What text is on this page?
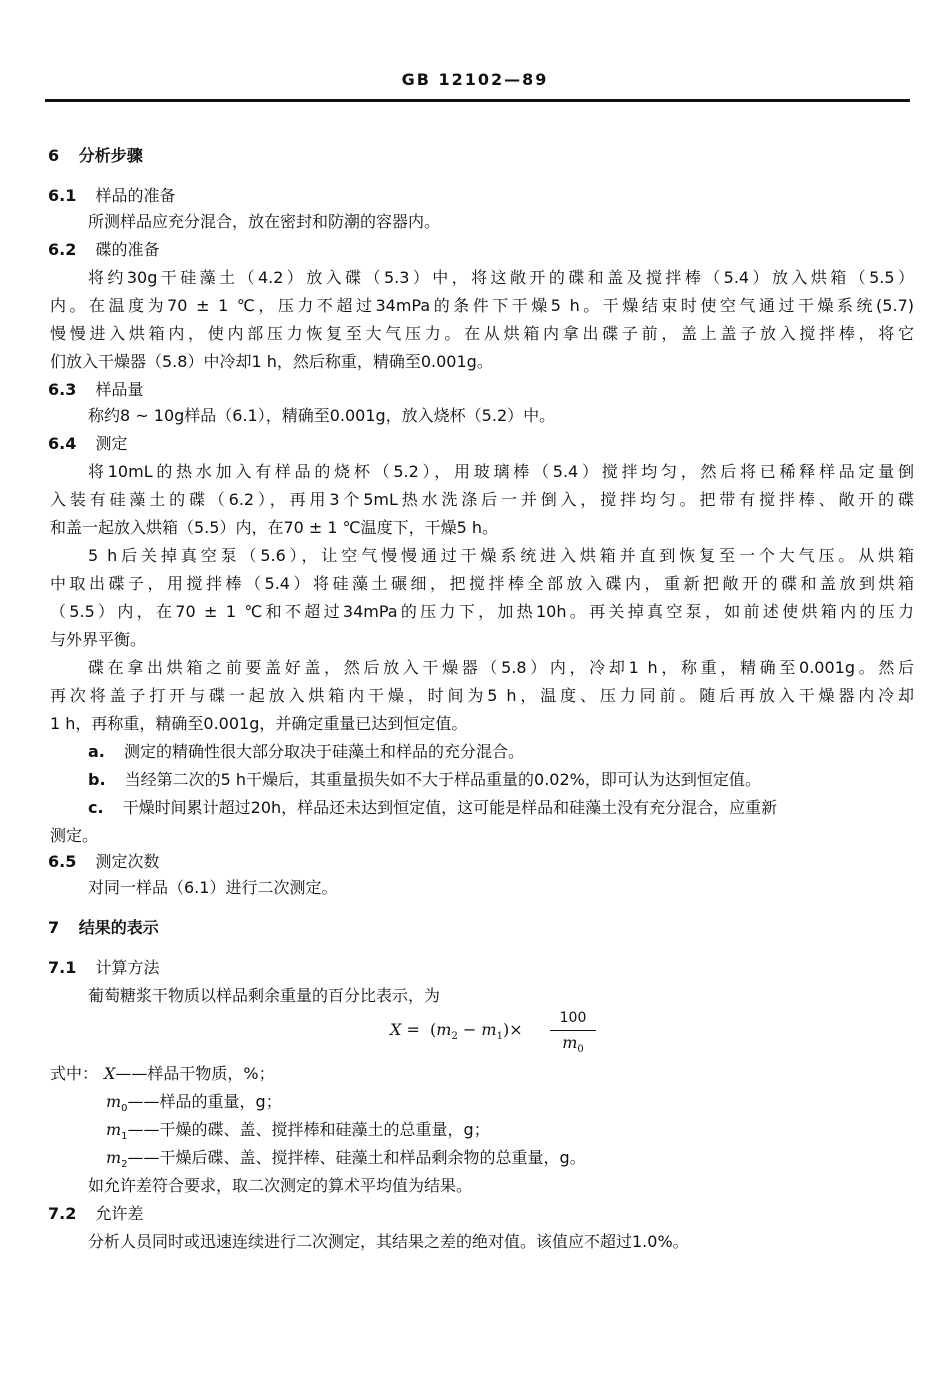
GB 12102—89
6 分析步骤
6.1 样品的准备
所测样品应充分混合，放在密封和防潮的容器内。
6.2 碟的准备
将约30g干硅藻土（4.2）放入碟（5.3）中，将这敞开的碟和盖及搅拌棒（5.4）放入烘箱（5.5）
内。在温度为70 ± 1 ℃，压力不超过34mPa的条件下干燥5 h。干燥结束时使空气通过干燥系统(5.7)
慢慢进入烘箱内，使内部压力恢复至大气压力。在从烘箱内拿出碟子前，盖上盖子放入搅拌棒，将它
们放入干燥器（5.8）中冷却1 h，然后称重，精确至0.001g。
6.3 样品量
称约8 ~ 10g样品（6.1），精确至0.001g，放入烧杯（5.2）中。
6.4 测定
将10mL的热水加入有样品的烧杯（5.2），用玻璃棒（5.4）搅拌均匀，然后将已稀释样品定量倒
入装有硅藻土的碟（6.2），再用3个5mL热水洗涤后一并倒入，搅拌均匀。把带有搅拌棒、敞开的碟
和盖一起放入烘箱（5.5）内，在70 ± 1 ℃温度下，干燥5 h。
5 h后关掉真空泵（5.6），让空气慢慢通过干燥系统进入烘箱并直到恢复至一个大气压。从烘箱
中取出碟子，用搅拌棒（5.4）将硅藻土碾细，把搅拌棒全部放入碟内，重新把敞开的碟和盖放到烘箱
（5.5）内，在70 ± 1 ℃和不超过34mPa的压力下，加热10h。再关掉真空泵，如前述使烘箱内的压力
与外界平衡。
碟在拿出烘箱之前要盖好盖，然后放入干燥器（5.8）内，冷却1 h，称重，精确至0.001g。然后
再次将盖子打开与碟一起放入烘箱内干燥，时间为5 h，温度、压力同前。随后再放入干燥器内冷却
1 h，再称重，精确至0.001g，并确定重量已达到恒定值。
a. 测定的精确性很大部分取决于硅藻土和样品的充分混合。
b. 当经第二次的5 h干燥后，其重量损失如不大于样品重量的0.02%，即可认为达到恒定值。
c. 干燥时间累计超过20h，样品还未达到恒定值，这可能是样品和硅藻土没有充分混合，应重新
测定。
6.5 测定次数
对同一样品（6.1）进行二次测定。
7 结果的表示
7.1 计算方法
葡萄糖浆干物质以样品剩余重量的百分比表示，为
$X = (m_2 - m_1)\times$
100
$m_0$
式中： X——样品干物质，%；
$m_0——$样品的重量，g；
$m_1——$干燥的碟、盖、搅拌棒和硅藻土的总重量，g；
$m_2——$干燥后碟、盖、搅拌棒、硅藻土和样品剩余物的总重量，g。
如允许差符合要求，取二次测定的算术平均值为结果。
7.2 允许差
分析人员同时或迅速连续进行二次测定，其结果之差的绝对值。该值应不超过1.0%。
